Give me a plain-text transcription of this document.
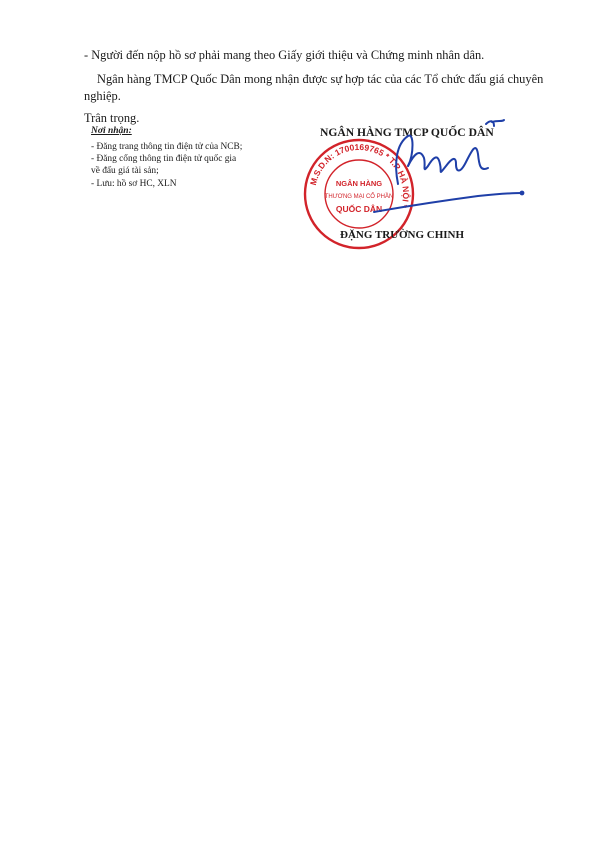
- Người đến nộp hồ sơ phải mang theo Giấy giới thiệu và Chứng minh nhân dân.
Ngân hàng TMCP Quốc Dân mong nhận được sự hợp tác của các Tổ chức đấu giá chuyên
nghiệp.
Trân trọng.
Nơi nhận:
- Đăng trang thông tin điện tử của NCB;
- Đăng cổng thông tin điện tử quốc gia
về đấu giá tài sản;
- Lưu: hồ sơ HC, XLN
NGÂN HÀNG TMCP QUỐC DÂN
M.S.D.N: 1700169765 * T.P HÀ NỘI *
NGÂN HÀNG
THƯƠNG MẠI CỔ PHẦN
QUỐC DÂN
ĐẶNG TRƯỜNG CHINH
